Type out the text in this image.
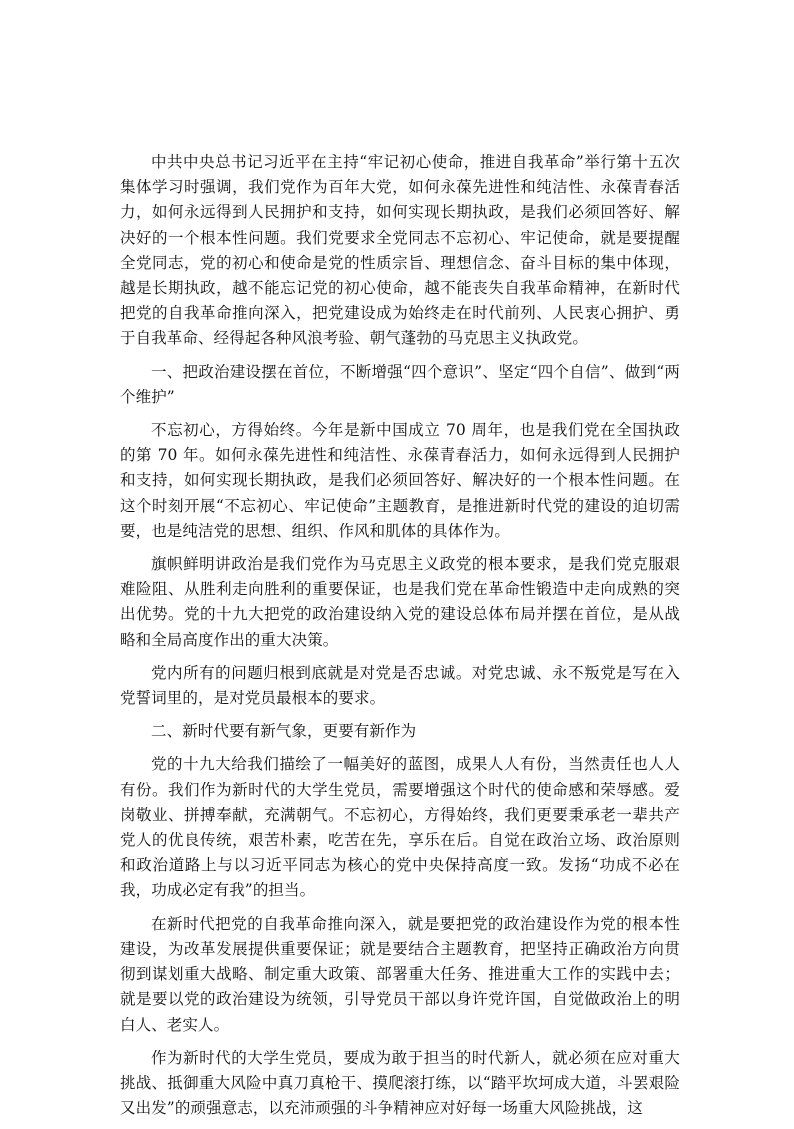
中共中央总书记习近平在主持“牢记初心使命，推进自我革命”举行第十五次集体学习时强调，我们党作为百年大党，如何永葆先进性和纯洁性、永葆青春活力，如何永远得到人民拥护和支持，如何实现长期执政，是我们必须回答好、解决好的一个根本性问题。我们党要求全党同志不忘初心、牢记使命，就是要提醒全党同志，党的初心和使命是党的性质宗旨、理想信念、奋斗目标的集中体现，越是长期执政，越不能忘记党的初心使命，越不能丧失自我革命精神，在新时代把党的自我革命推向深入，把党建设成为始终走在时代前列、人民衷心拥护、勇于自我革命、经得起各种风浪考验、朝气蓬勃的马克思主义执政党。

一、把政治建设摆在首位，不断增强“四个意识”、坚定“四个自信”、做到“两个维护”

不忘初心，方得始终。今年是新中国成立 70 周年，也是我们党在全国执政的第 70 年。如何永葆先进性和纯洁性、永葆青春活力，如何永远得到人民拥护和支持，如何实现长期执政，是我们必须回答好、解决好的一个根本性问题。在这个时刻开展“不忘初心、牢记使命”主题教育，是推进新时代党的建设的迫切需要，也是纯洁党的思想、组织、作风和肌体的具体作为。

旗帜鲜明讲政治是我们党作为马克思主义政党的根本要求，是我们党克服艰难险阻、从胜利走向胜利的重要保证，也是我们党在革命性锻造中走向成熟的突出优势。党的十九大把党的政治建设纳入党的建设总体布局并摆在首位，是从战略和全局高度作出的重大决策。

党内所有的问题归根到底就是对党是否忠诚。对党忠诚、永不叛党是写在入党誓词里的，是对党员最根本的要求。

二、新时代要有新气象，更要有新作为

党的十九大给我们描绘了一幅美好的蓝图，成果人人有份，当然责任也人人有份。我们作为新时代的大学生党员，需要增强这个时代的使命感和荣辱感。爱岗敬业、拼搏奉献，充满朝气。不忘初心，方得始终，我们更要秉承老一辈共产党人的优良传统，艰苦朴素，吃苦在先，享乐在后。自觉在政治立场、政治原则和政治道路上与以习近平同志为核心的党中央保持高度一致。发扬“功成不必在我，功成必定有我”的担当。

在新时代把党的自我革命推向深入，就是要把党的政治建设作为党的根本性建设，为改革发展提供重要保证；就是要结合主题教育，把坚持正确政治方向贯彻到谋划重大战略、制定重大政策、部署重大任务、推进重大工作的实践中去；就是要以党的政治建设为统领，引导党员干部以身许党许国，自觉做政治上的明白人、老实人。

作为新时代的大学生党员，要成为敢于担当的时代新人，就必须在应对重大挑战、抵御重大风险中真刀真枪干、摸爬滚打练，以“踏平坎坷成大道，斗罢艰险又出发”的顽强意志，以充沛顽强的斗争精神应对好每一场重大风险挑战，这
